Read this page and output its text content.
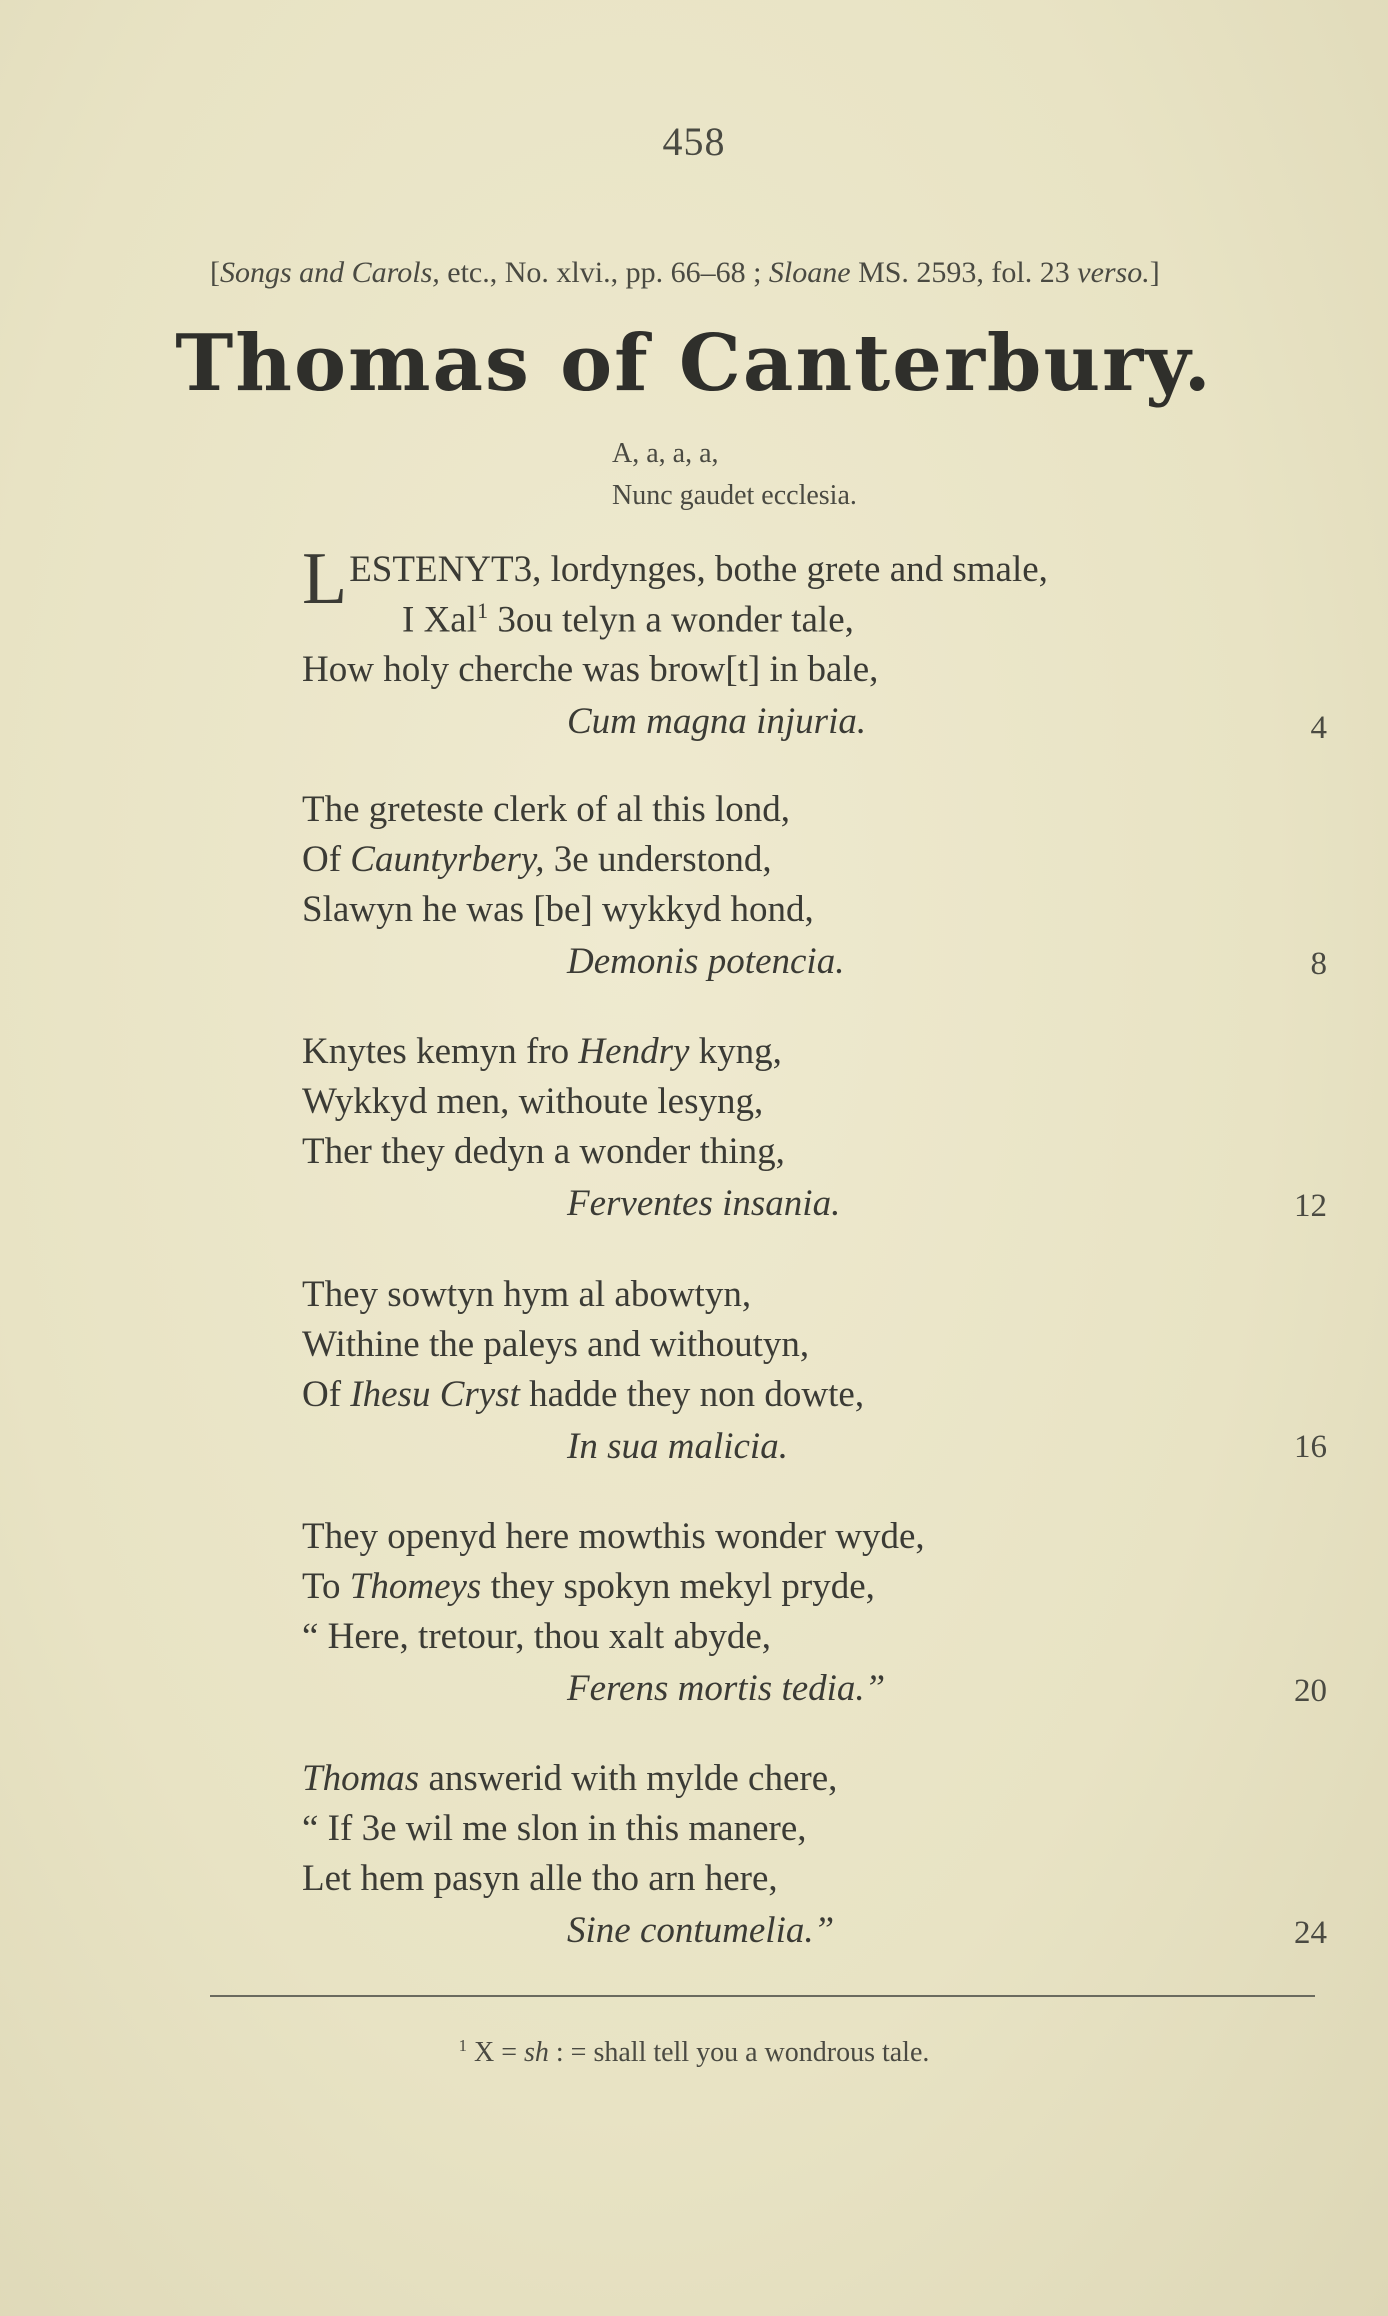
458
[Songs and Carols, etc., No. xlvi., pp. 66–68 ; Sloane MS. 2593, fol. 23 verso.]
Thomas of Canterbury.
A, a, a, a,
Nunc gaudet ecclesia.
LESTENYT3, lordynges, bothe grete and smale,
I Xal$^1$ 3ou telyn a wonder tale,
How holy cherche was brow[t] in bale,
Cum magna injuria.	4
The greteste clerk of al this lond,
Of Cauntyrbery, 3e understond,
Slawyn he was [be] wykkyd hond,
Demonis potencia.	8
Knytes kemyn fro Hendry kyng,
Wykkyd men, withoute lesyng,
Ther they dedyn a wonder thing,
Ferventes insania.	12
They sowtyn hym al abowtyn,
Withine the paleys and withoutyn,
Of Ihesu Cryst hadde they non dowte,
In sua malicia.	16
They openyd here mowthis wonder wyde,
To Thomeys they spokyn mekyl pryde,
“ Here, tretour, thou xalt abyde,
Ferens mortis tedia.”	20
Thomas answerid with mylde chere,
“ If 3e wil me slon in this manere,
Let hem pasyn alle tho arn here,
Sine contumelia.”	24
$^1$ X = sh : = shall tell you a wondrous tale.
